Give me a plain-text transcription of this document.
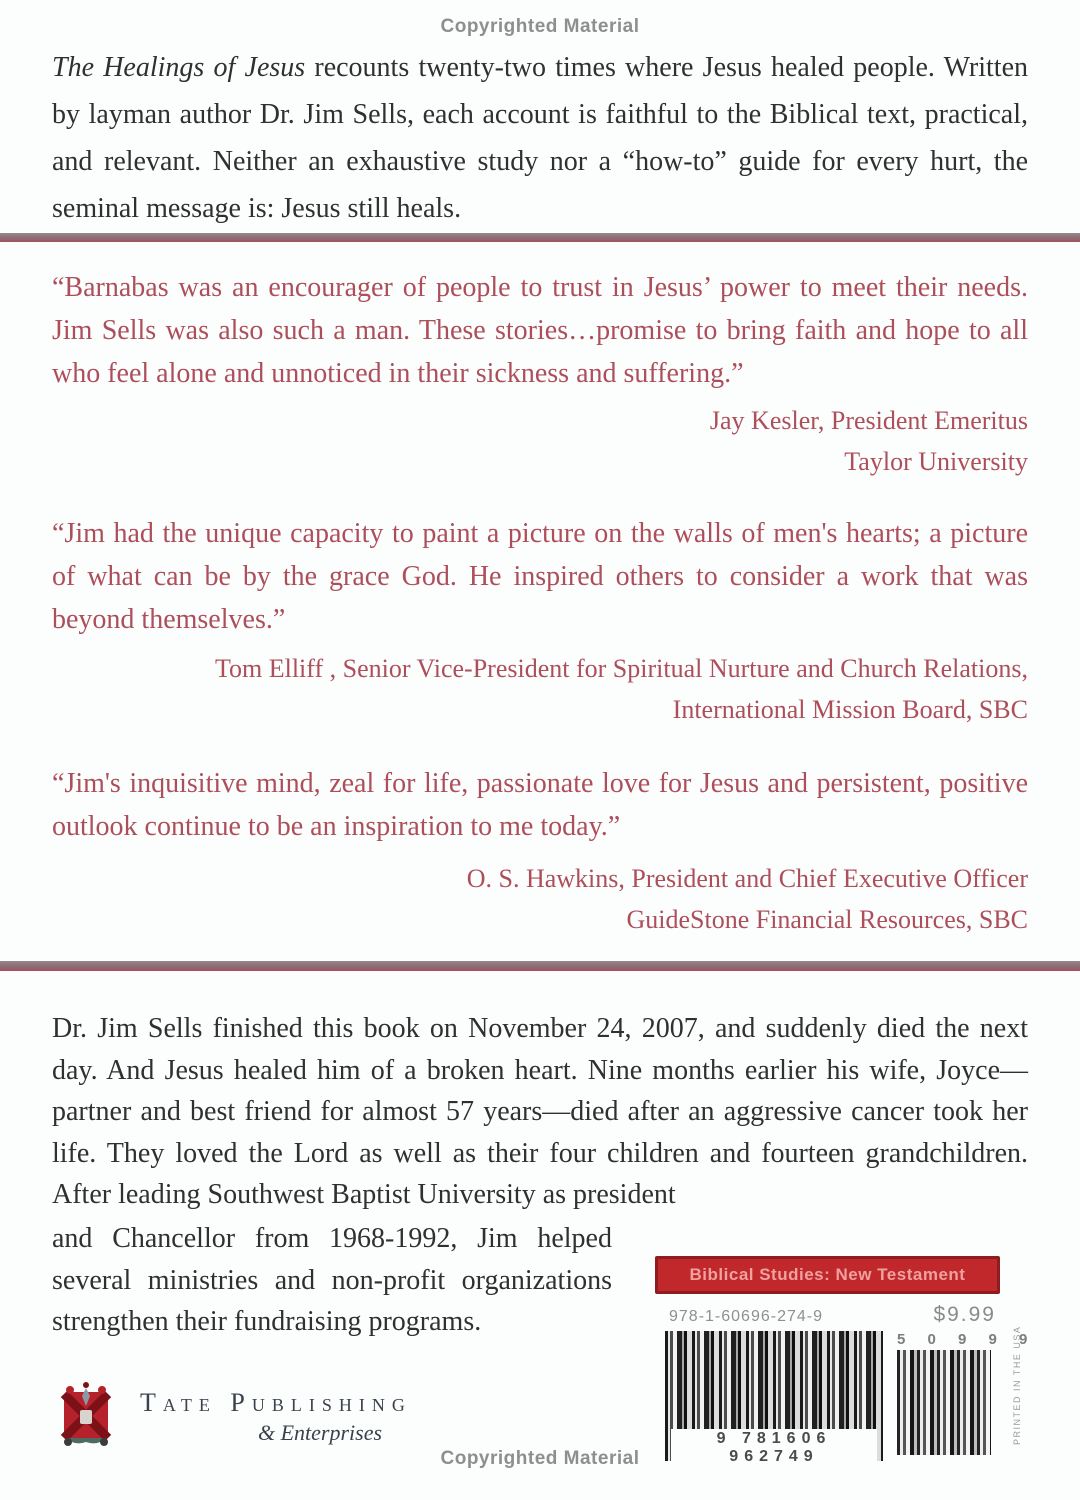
Copyrighted Material
The Healings of Jesus recounts twenty-two times where Jesus healed people. Written by layman author Dr. Jim Sells, each account is faithful to the Biblical text, practical, and relevant. Neither an exhaustive study nor a “how-to” guide for every hurt, the seminal message is: Jesus still heals.
“Barnabas was an encourager of people to trust in Jesus’ power to meet their needs. Jim Sells was also such a man. These stories…promise to bring faith and hope to all who feel alone and unnoticed in their sickness and suffering.”
Jay Kesler, President Emeritus
Taylor University
“Jim had the unique capacity to paint a picture on the walls of men's hearts; a picture of what can be by the grace God. He inspired others to consider a work that was beyond themselves.”
Tom Elliff , Senior Vice-President for Spiritual Nurture and Church Relations,
International Mission Board, SBC
“Jim's inquisitive mind, zeal for life, passionate love for Jesus and persistent, positive outlook continue to be an inspiration to me today.”
O. S. Hawkins, President and Chief Executive Officer
GuideStone Financial Resources, SBC
Dr. Jim Sells finished this book on November 24, 2007, and suddenly died the next day. And Jesus healed him of a broken heart. Nine months earlier his wife, Joyce—partner and best friend for almost 57 years—died after an aggressive cancer took her life. They loved the Lord as well as their four children and fourteen grandchildren. After leading Southwest Baptist University as president
and Chancellor from 1968-1992, Jim helped several ministries and non-profit organizations strengthen their fundraising programs.
Biblical Studies: New Testament
978-1-60696-274-9	$9.99
9 781606 962749
5 0 9 9 9
PRINTED IN THE USA
Tate Publishing
& Enterprises
Copyrighted Material
